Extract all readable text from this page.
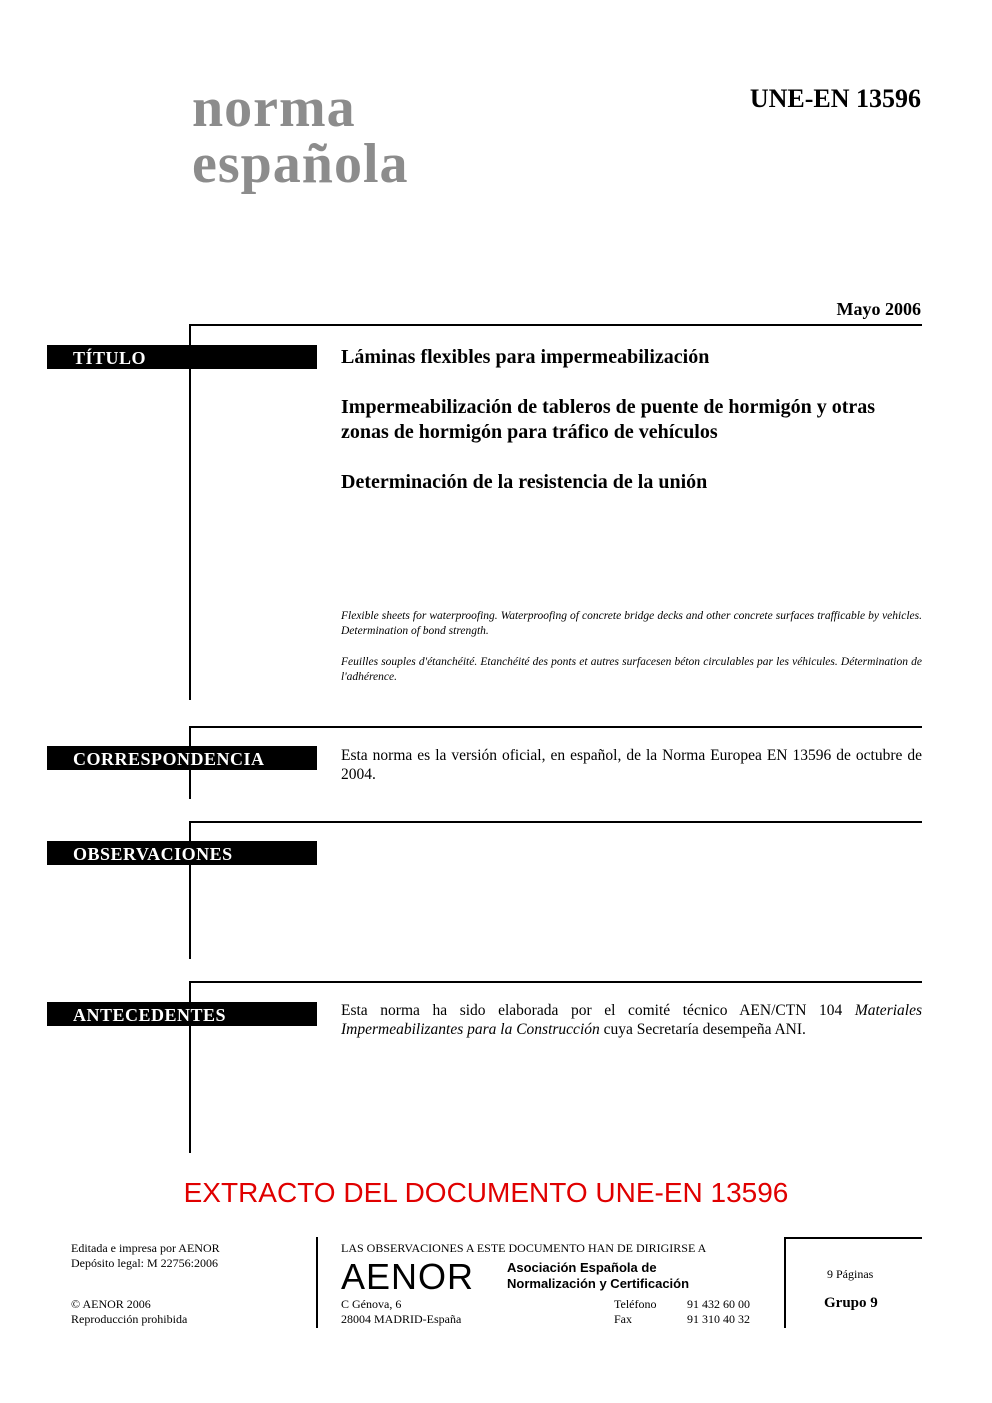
norma
española
UNE-EN 13596
Mayo 2006
TÍTULO	Láminas flexibles para impermeabilización
Impermeabilización de tableros de puente de hormigón y otras zonas de hormigón para tráfico de vehículos
Determinación de la resistencia de la unión
Flexible sheets for waterproofing. Waterproofing of concrete bridge decks and other concrete surfaces trafficable by vehicles. Determination of bond strength.
Feuilles souples d'étanchéité. Etanchéité des ponts et autres surfacesen béton circulables par les véhicules. Détermination de l'adhérence.
CORRESPONDENCIA	Esta norma es la versión oficial, en español, de la Norma Europea EN 13596 de octubre de 2004.
OBSERVACIONES
ANTECEDENTES	Esta norma ha sido elaborada por el comité técnico AEN/CTN 104 Materiales Impermeabilizantes para la Construcción cuya Secretaría desempeña ANI.
EXTRACTO DEL DOCUMENTO UNE-EN 13596
Editada e impresa por AENOR
Depósito legal: M 22756:2006
© AENOR 2006
Reproducción prohibida
LAS OBSERVACIONES A ESTE DOCUMENTO HAN DE DIRIGIRSE A
AENOR	Asociación Española de
Normalización y Certificación
C Génova, 6
28004 MADRID-España
Teléfono	91 432 60 00
Fax	91 310 40 32
9 Páginas
Grupo 9
